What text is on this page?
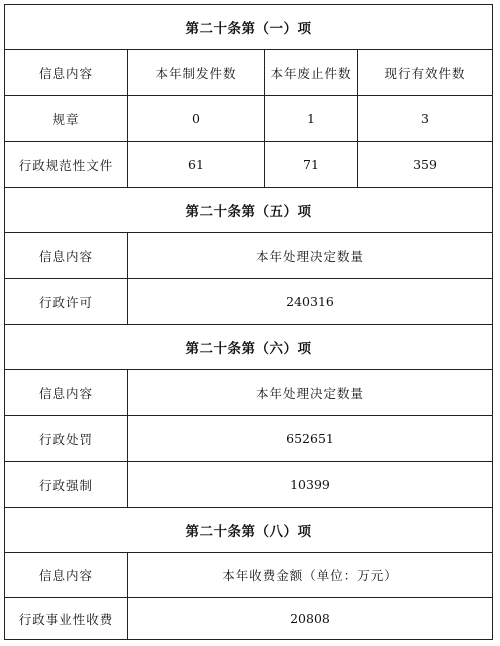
第二十条第（一）项
信息内容	本年制发件数	本年废止件数	现行有效件数
规章	0	1	3
行政规范性文件	61	71	359
第二十条第（五）项
信息内容	本年处理决定数量
行政许可	240316
第二十条第（六）项
信息内容	本年处理决定数量
行政处罚	652651
行政强制	10399
第二十条第（八）项
信息内容	本年收费金额（单位：万元）
行政事业性收费	20808
